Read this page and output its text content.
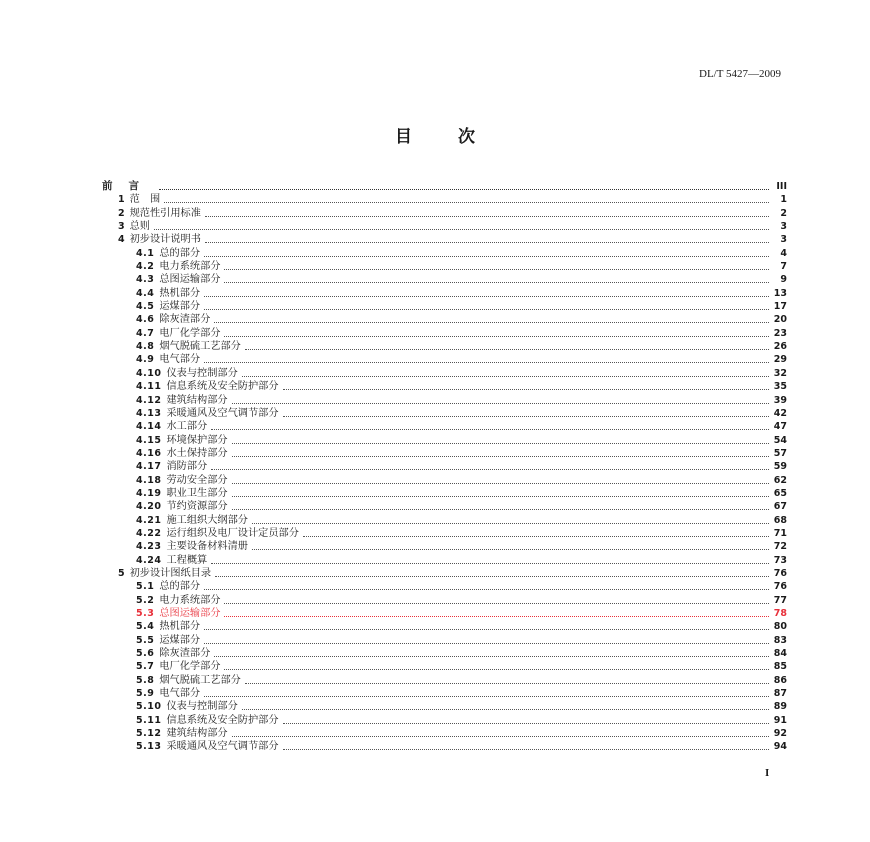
DL/T 5427—2009
目次
前言	III
1 范　围	1
2 规范性引用标准	2
3 总则	3
4 初步设计说明书	3
4.1 总的部分	4
4.2 电力系统部分	7
4.3 总图运输部分	9
4.4 热机部分	13
4.5 运煤部分	17
4.6 除灰渣部分	20
4.7 电厂化学部分	23
4.8 烟气脱硫工艺部分	26
4.9 电气部分	29
4.10 仪表与控制部分	32
4.11 信息系统及安全防护部分	35
4.12 建筑结构部分	39
4.13 采暖通风及空气调节部分	42
4.14 水工部分	47
4.15 环境保护部分	54
4.16 水土保持部分	57
4.17 消防部分	59
4.18 劳动安全部分	62
4.19 职业卫生部分	65
4.20 节约资源部分	67
4.21 施工组织大纲部分	68
4.22 运行组织及电厂设计定员部分	71
4.23 主要设备材料清册	72
4.24 工程概算	73
5 初步设计图纸目录	76
5.1 总的部分	76
5.2 电力系统部分	77
5.3 总图运输部分	78
5.4 热机部分	80
5.5 运煤部分	83
5.6 除灰渣部分	84
5.7 电厂化学部分	85
5.8 烟气脱硫工艺部分	86
5.9 电气部分	87
5.10 仪表与控制部分	89
5.11 信息系统及安全防护部分	91
5.12 建筑结构部分	92
5.13 采暖通风及空气调节部分	94
I
